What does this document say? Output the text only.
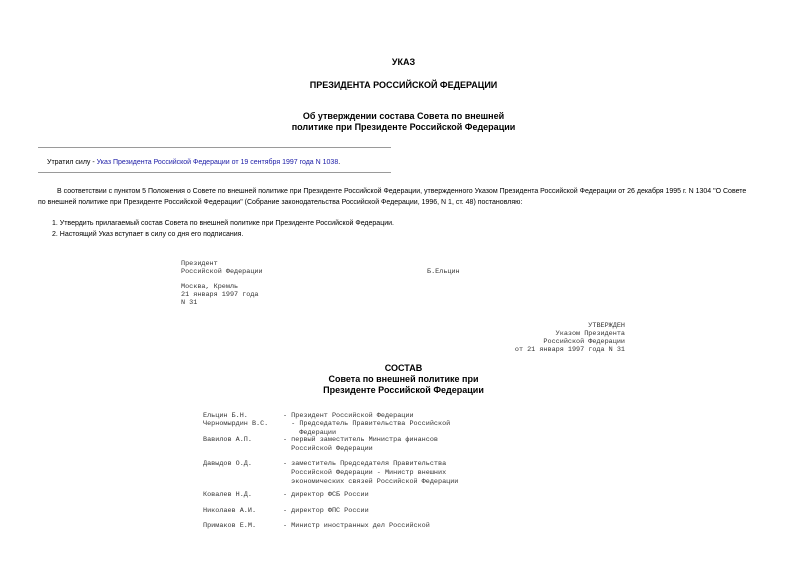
УКАЗ
ПРЕЗИДЕНТА РОССИЙСКОЙ ФЕДЕРАЦИИ
Об утверждении состава Совета по внешней
политике при Президенте Российской Федерации
Утратил силу - Указ Президента Российской Федерации от 19 сентября 1997 года N 1038.
В соответствии с пунктом 5 Положения о Совете по внешней политике при Президенте Российской Федерации, утвержденного Указом Президента Российской Федерации от 26 декабря 1995 г. N 1304 "О Совете
по внешней политике при Президенте Российской Федерации" (Собрание законодательства Российской Федерации, 1996, N 1, ст. 48) постановляю:
1. Утвердить прилагаемый состав Совета по внешней политике при Президенте Российской Федерации.
2. Настоящий Указ вступает в силу со дня его подписания.
Президент
Российской Федерации	Б.Ельцин
Москва, Кремль
21 января 1997 года
N 31
УТВЕРЖДЕН
Указом Президента
Российской Федерации
от 21 января 1997 года N 31
СОСТАВ
Совета по внешней политике при
Президенте Российской Федерации
Ельцин Б.Н.	- Президент Российской Федерации
Черномырдин В.С.	- Председатель Правительства Российской
Федерации
Вавилов А.П.	- первый заместитель Министра финансов
Российской Федерации
Давыдов О.Д.	- заместитель Председателя Правительства
Российской Федерации - Министр внешних
экономических связей Российской Федерации
Ковалев Н.Д.	- директор ФСБ России
Николаев А.И.	- директор ФПС России
Примаков Е.М.	- Министр иностранных дел Российской
